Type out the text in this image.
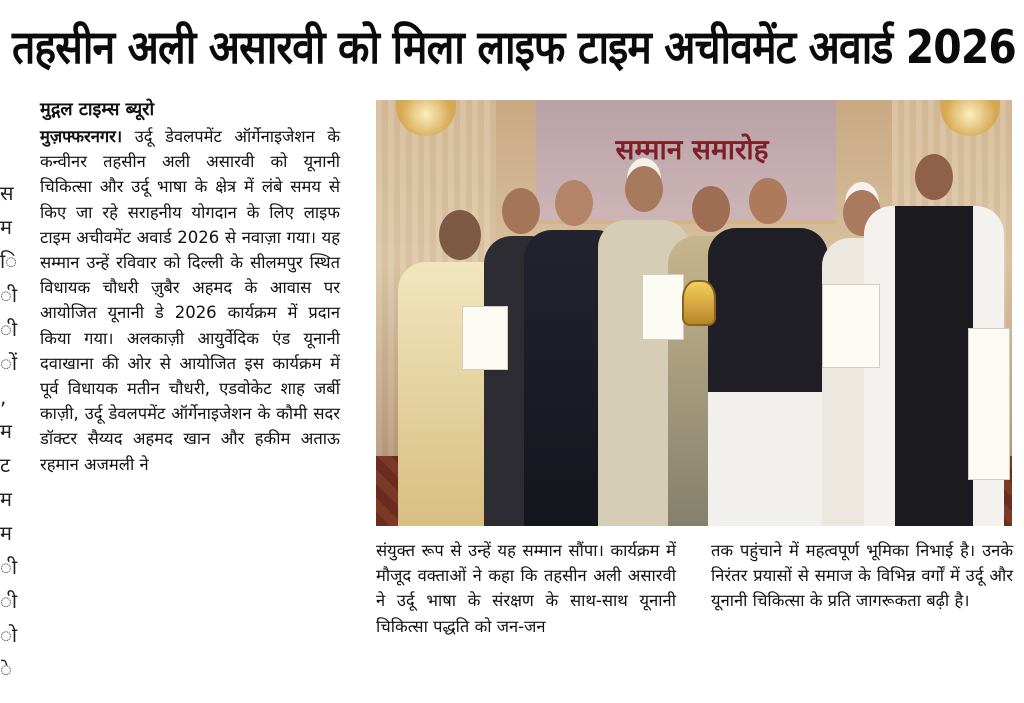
तहसीन अली असारवी को मिला लाइफ टाइम अचीवमेंट अवार्ड 2026
स
म
ि
ी
ी
ों
,
म
ट
म
म
ी
ी
ो
े
मुद्गल टाइम्स ब्यूरो
मुज़फ्फरनगर। उर्दू डेवलपमेंट ऑर्गेनाइजेशन के कन्वीनर तहसीन अली असारवी को यूनानी चिकित्सा और उर्दू भाषा के क्षेत्र में लंबे समय से किए जा रहे सराहनीय योगदान के लिए लाइफ टाइम अचीवमेंट अवार्ड 2026 से नवाज़ा गया। यह सम्मान उन्हें रविवार को दिल्ली के सीलमपुर स्थित विधायक चौधरी ज़ुबैर अहमद के आवास पर आयोजित यूनानी डे 2026 कार्यक्रम में प्रदान किया गया। अलकाज़ी आयुर्वेदिक एंड यूनानी दवाखाना की ओर से आयोजित इस कार्यक्रम में पूर्व विधायक मतीन चौधरी, एडवोकेट शाह जर्बी काज़ी, उर्दू डेवलपमेंट ऑर्गेनाइजेशन के कौमी सदर डॉक्टर सैय्यद अहमद खान और हकीम अताऊ रहमान अजमली ने
सम्मान समारोह
संयुक्त रूप से उन्हें यह सम्मान सौंपा। कार्यक्रम में मौजूद वक्ताओं ने कहा कि तहसीन अली असारवी ने उर्दू भाषा के संरक्षण के साथ-साथ यूनानी चिकित्सा पद्धति को जन-जन
तक पहुंचाने में महत्वपूर्ण भूमिका निभाई है। उनके निरंतर प्रयासों से समाज के विभिन्न वर्गों में उर्दू और यूनानी चिकित्सा के प्रति जागरूकता बढ़ी है।
